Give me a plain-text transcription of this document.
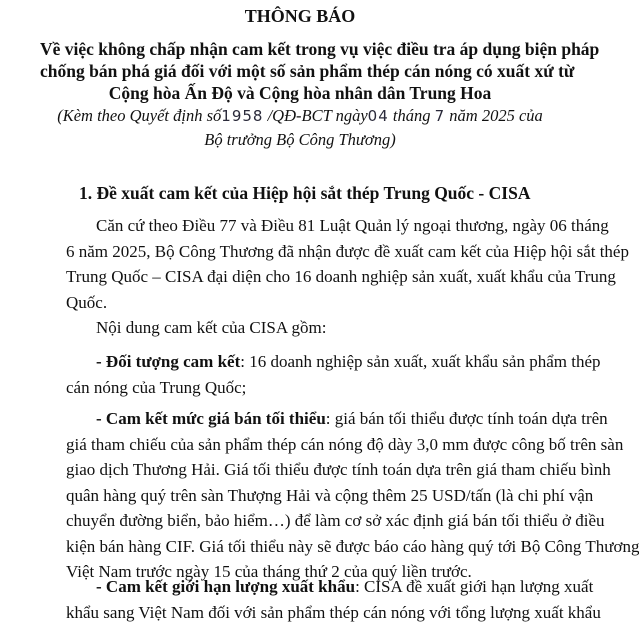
THÔNG BÁO
Về việc không chấp nhận cam kết trong vụ việc điều tra áp dụng biện pháp
chống bán phá giá đối với một số sản phẩm thép cán nóng có xuất xứ từ
Cộng hòa Ấn Độ và Cộng hòa nhân dân Trung Hoa
(Kèm theo Quyết định số1958 /QĐ-BCT ngày04 tháng 7 năm 2025 của
Bộ trưởng Bộ Công Thương)
1. Đề xuất cam kết của Hiệp hội sắt thép Trung Quốc - CISA
Căn cứ theo Điều 77 và Điều 81 Luật Quản lý ngoại thương, ngày 06 tháng
6 năm 2025, Bộ Công Thương đã nhận được đề xuất cam kết của Hiệp hội sắt thép
Trung Quốc – CISA đại diện cho 16 doanh nghiệp sản xuất, xuất khẩu của Trung
Quốc.
Nội dung cam kết của CISA gồm:
- Đối tượng cam kết: 16 doanh nghiệp sản xuất, xuất khẩu sản phẩm thép
cán nóng của Trung Quốc;
- Cam kết mức giá bán tối thiểu: giá bán tối thiểu được tính toán dựa trên
giá tham chiếu của sản phẩm thép cán nóng độ dày 3,0 mm được công bố trên sàn
giao dịch Thương Hải. Giá tối thiểu được tính toán dựa trên giá tham chiếu bình
quân hàng quý trên sàn Thượng Hải và cộng thêm 25 USD/tấn (là chi phí vận
chuyển đường biển, bảo hiểm…) để làm cơ sở xác định giá bán tối thiểu ở điều
kiện bán hàng CIF. Giá tối thiểu này sẽ được báo cáo hàng quý tới Bộ Công Thương
Việt Nam trước ngày 15 của tháng thứ 2 của quý liền trước.
- Cam kết giới hạn lượng xuất khẩu: CISA đề xuất giới hạn lượng xuất
khẩu sang Việt Nam đối với sản phẩm thép cán nóng với tổng lượng xuất khẩu
